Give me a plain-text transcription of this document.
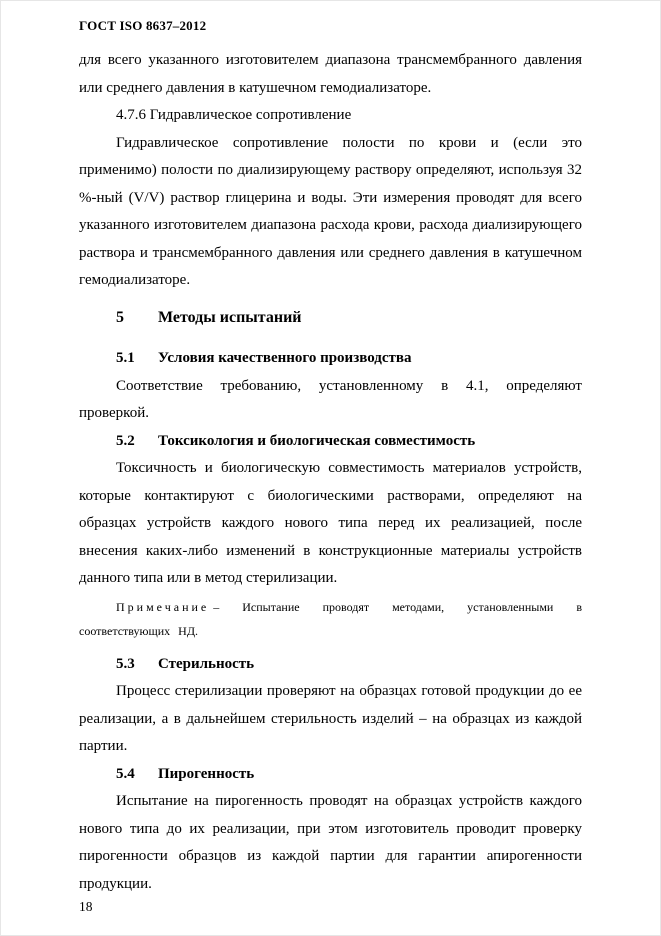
ГОСТ ISO 8637–2012

для всего указанного изготовителем диапазона трансмембранного давления или среднего давления в катушечном гемодиализаторе.

4.7.6 Гидравлическое сопротивление

Гидравлическое сопротивление полости по крови и (если это применимо) полости по диализирующему раствору определяют, используя 32 %-ный (V/V) раствор глицерина и воды. Эти измерения проводят для всего указанного изготовителем диапазона расхода крови, расхода диализирующего раствора и трансмембранного давления или среднего давления в катушечном гемодиализаторе.

5 Методы испытаний
5.1 Условия качественного производства

Соответствие требованию, установленному в 4.1, определяют проверкой.

5.2 Токсикология и биологическая совместимость

Токсичность и биологическую совместимость материалов устройств, которые контактируют с биологическими растворами, определяют на образцах устройств каждого нового типа перед их реализацией, после внесения каких-либо изменений в конструкционные материалы устройств данного типа или в метод стерилизации.

Примечание – Испытание проводят методами, установленными в соответствующих НД.

5.3 Стерильность

Процесс стерилизации проверяют на образцах готовой продукции до ее реализации, а в дальнейшем стерильность изделий – на образцах из каждой партии.

5.4 Пирогенность

Испытание на пирогенность проводят на образцах устройств каждого нового типа до их реализации, при этом изготовитель проводит проверку пирогенности образцов из каждой партии для гарантии апирогенности продукции.

18
